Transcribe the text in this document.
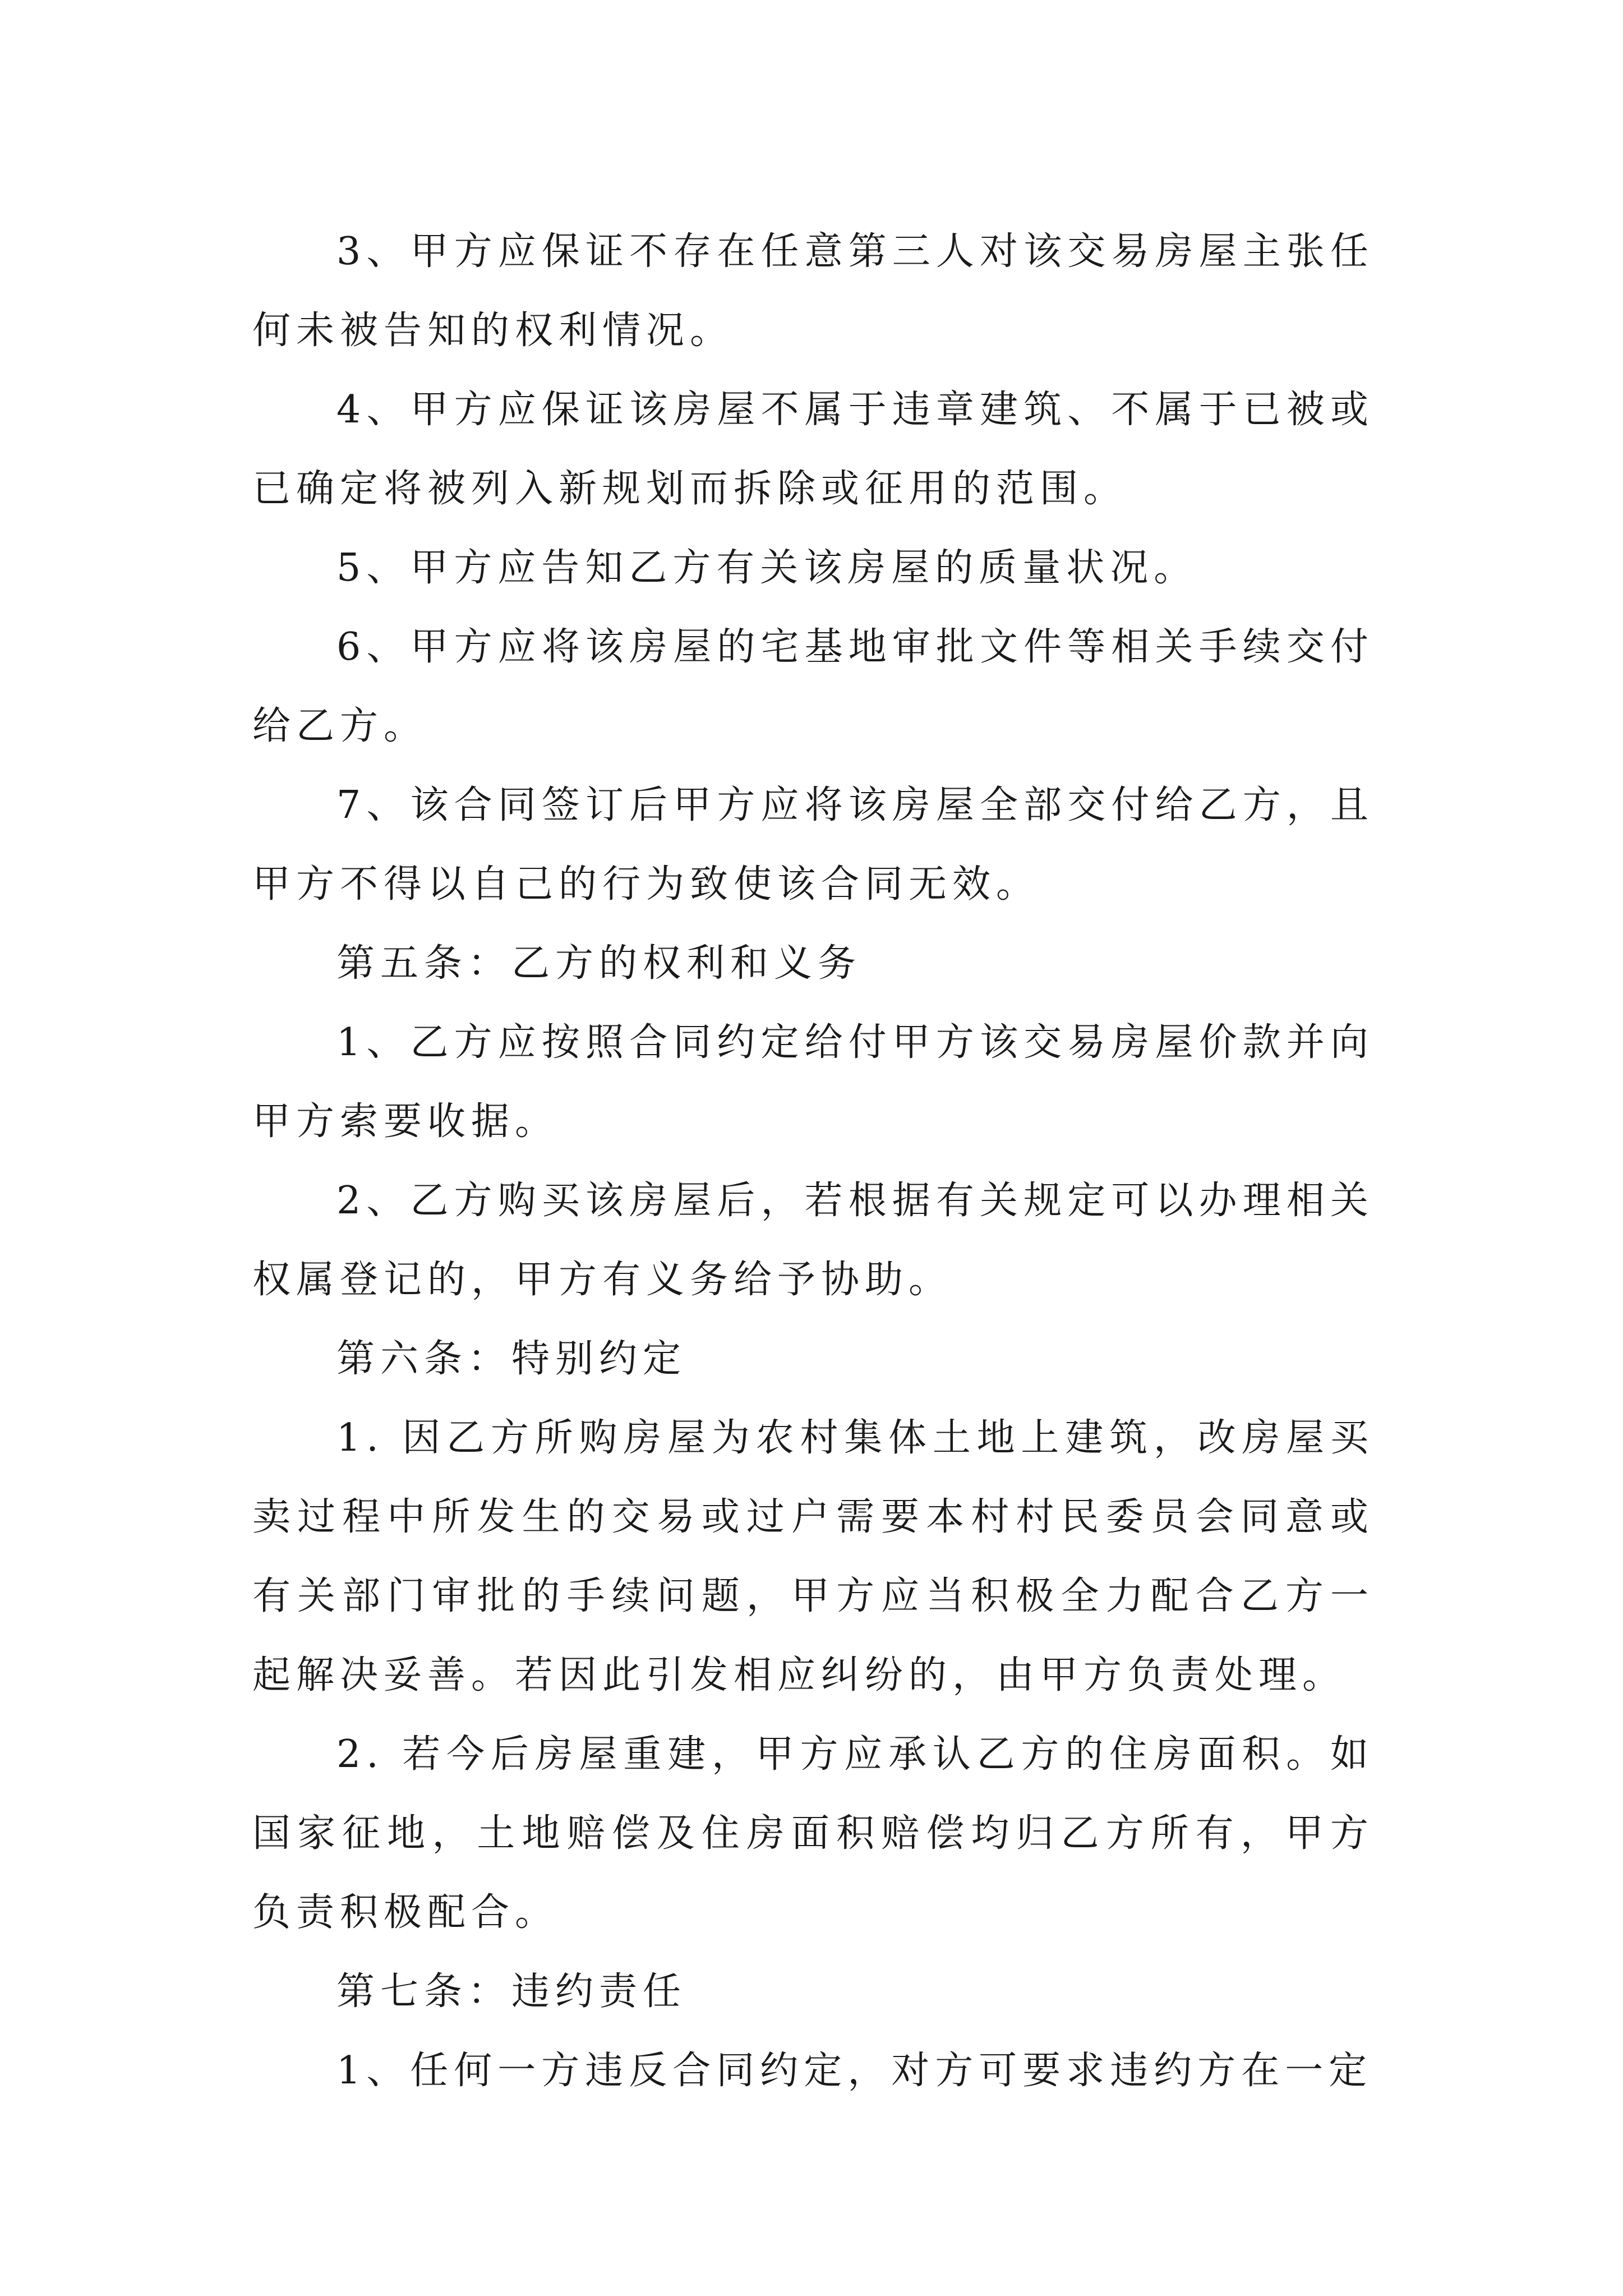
3、甲方应保证不存在任意第三人对该交易房屋主张任何未被告知的权利情况。

4、甲方应保证该房屋不属于违章建筑、不属于已被或已确定将被列入新规划而拆除或征用的范围。

5、甲方应告知乙方有关该房屋的质量状况。

6、甲方应将该房屋的宅基地审批文件等相关手续交付给乙方。

7、该合同签订后甲方应将该房屋全部交付给乙方，且甲方不得以自己的行为致使该合同无效。

第五条：乙方的权利和义务

1、乙方应按照合同约定给付甲方该交易房屋价款并向甲方索要收据。

2、乙方购买该房屋后，若根据有关规定可以办理相关权属登记的，甲方有义务给予协助。

第六条：特别约定

1. 因乙方所购房屋为农村集体土地上建筑，改房屋买卖过程中所发生的交易或过户需要本村村民委员会同意或有关部门审批的手续问题，甲方应当积极全力配合乙方一起解决妥善。若因此引发相应纠纷的，由甲方负责处理。

2. 若今后房屋重建，甲方应承认乙方的住房面积。如国家征地，土地赔偿及住房面积赔偿均归乙方所有，甲方负责积极配合。

第七条：违约责任

1、任何一方违反合同约定，对方可要求违约方在一定
